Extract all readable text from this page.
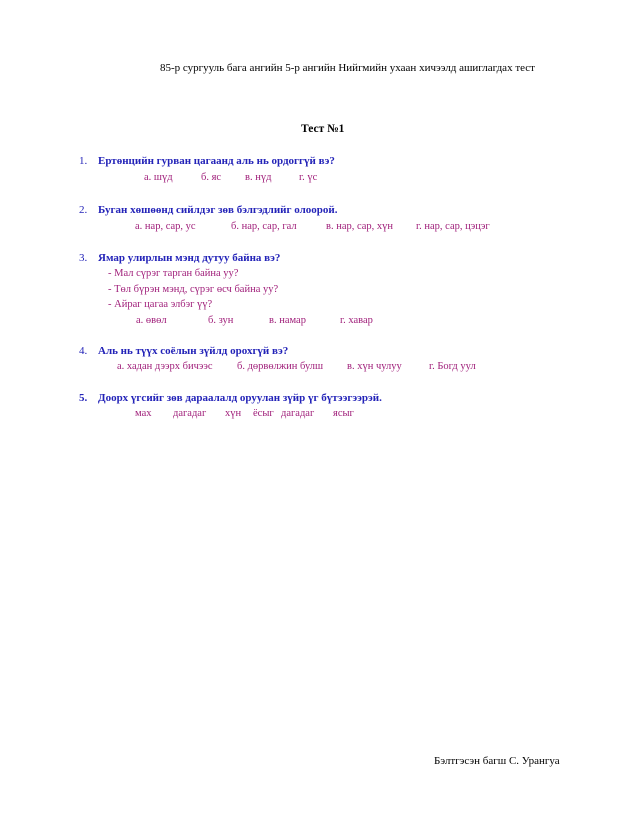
85-р сургууль бага ангийн 5-р ангийн Нийгмийн ухаан хичээлд ашиглагдах тест
Тест №1
1. Ертөнцийн гурван цагаанд аль нь ордоггүй вэ?
а. шүд	б. яс в. нүд	г. үс
2. Буган хөшөөнд сийлдэг зөв бэлгэдлийг олоорой.
а. нар, сар, ус	б. нар, сар, гал	в. нар, сар, хүн г. нар, сар, цэцэг
3. Ямар улирлын мэнд дутуу байна вэ?
- Мал сүрэг тарган байна уу?
- Төл бүрэн мэнд, сүрэг өсч байна уу?
- Айраг цагаа элбэг үү?
а. өвөл	б. зун	в. намар	г. хавар
4. Аль нь түүх соёлын зүйлд орохгүй вэ?
а. хадан дээрх бичээс б. дөрвөлжин булш в. хүн чулуу	г. Богд уул
5. Доорх үгсийг зөв дараалалд оруулан зүйр үг бүтээгээрэй.
мах дагадаг хүн ёсыг дагадаг ясыг
Бэлтгэсэн багш С. Урангуа
